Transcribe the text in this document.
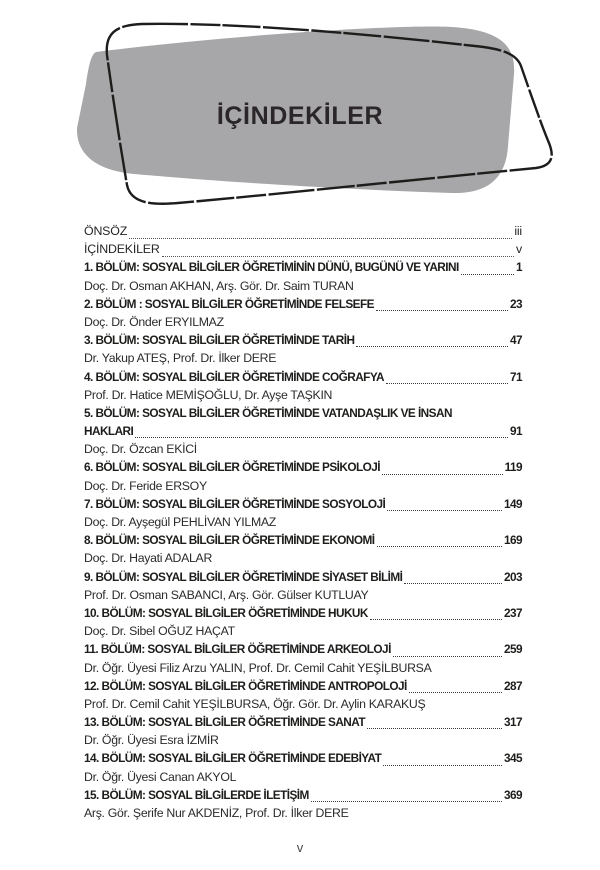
İÇİNDEKİLER
ÖNSÖZ	iii
İÇİNDEKİLER	v
1. BÖLÜM: SOSYAL BİLGİLER ÖĞRETİMİNİN DÜNÜ, BUGÜNÜ VE YARINI	1
Doç. Dr. Osman AKHAN, Arş. Gör. Dr. Saim TURAN
2. BÖLÜM : SOSYAL BİLGİLER ÖĞRETİMİNDE FELSEFE	23
Doç. Dr. Önder ERYILMAZ
3. BÖLÜM: SOSYAL BİLGİLER ÖĞRETİMİNDE TARİH	47
Dr. Yakup ATEŞ, Prof. Dr. İlker DERE
4. BÖLÜM: SOSYAL BİLGİLER ÖĞRETİMİNDE COĞRAFYA	71
Prof. Dr. Hatice MEMİŞOĞLU, Dr. Ayşe TAŞKIN
5. BÖLÜM: SOSYAL BİLGİLER ÖĞRETİMİNDE VATANDAŞLIK VE İNSAN
HAKLARI	91
Doç. Dr. Özcan EKİCİ
6. BÖLÜM: SOSYAL BİLGİLER ÖĞRETİMİNDE PSİKOLOJİ	119
Doç. Dr. Feride ERSOY
7. BÖLÜM: SOSYAL BİLGİLER ÖĞRETİMİNDE SOSYOLOJİ	149
Doç. Dr. Ayşegül PEHLİVAN YILMAZ
8. BÖLÜM: SOSYAL BİLGİLER ÖĞRETİMİNDE EKONOMİ	169
Doç. Dr. Hayati ADALAR
9. BÖLÜM: SOSYAL BİLGİLER ÖĞRETİMİNDE SİYASET BİLİMİ	203
Prof. Dr. Osman SABANCI, Arş. Gör. Gülser KUTLUAY
10. BÖLÜM: SOSYAL BİLGİLER ÖĞRETİMİNDE HUKUK	237
Doç. Dr. Sibel OĞUZ HAÇAT
11. BÖLÜM: SOSYAL BİLGİLER ÖĞRETİMİNDE ARKEOLOJİ	259
Dr. Öğr. Üyesi Filiz Arzu YALIN, Prof. Dr. Cemil Cahit YEŞİLBURSA
12. BÖLÜM: SOSYAL BİLGİLER ÖĞRETİMİNDE ANTROPOLOJİ	287
Prof. Dr. Cemil Cahit YEŞİLBURSA, Öğr. Gör. Dr. Aylin KARAKUŞ
13. BÖLÜM: SOSYAL BİLGİLER ÖĞRETİMİNDE SANAT	317
Dr. Öğr. Üyesi Esra İZMİR
14. BÖLÜM: SOSYAL BİLGİLER ÖĞRETİMİNDE EDEBİYAT	345
Dr. Öğr. Üyesi Canan AKYOL
15. BÖLÜM: SOSYAL BİLGİLERDE İLETİŞİM	369
Arş. Gör. Şerife Nur AKDENİZ, Prof. Dr. İlker DERE
v
